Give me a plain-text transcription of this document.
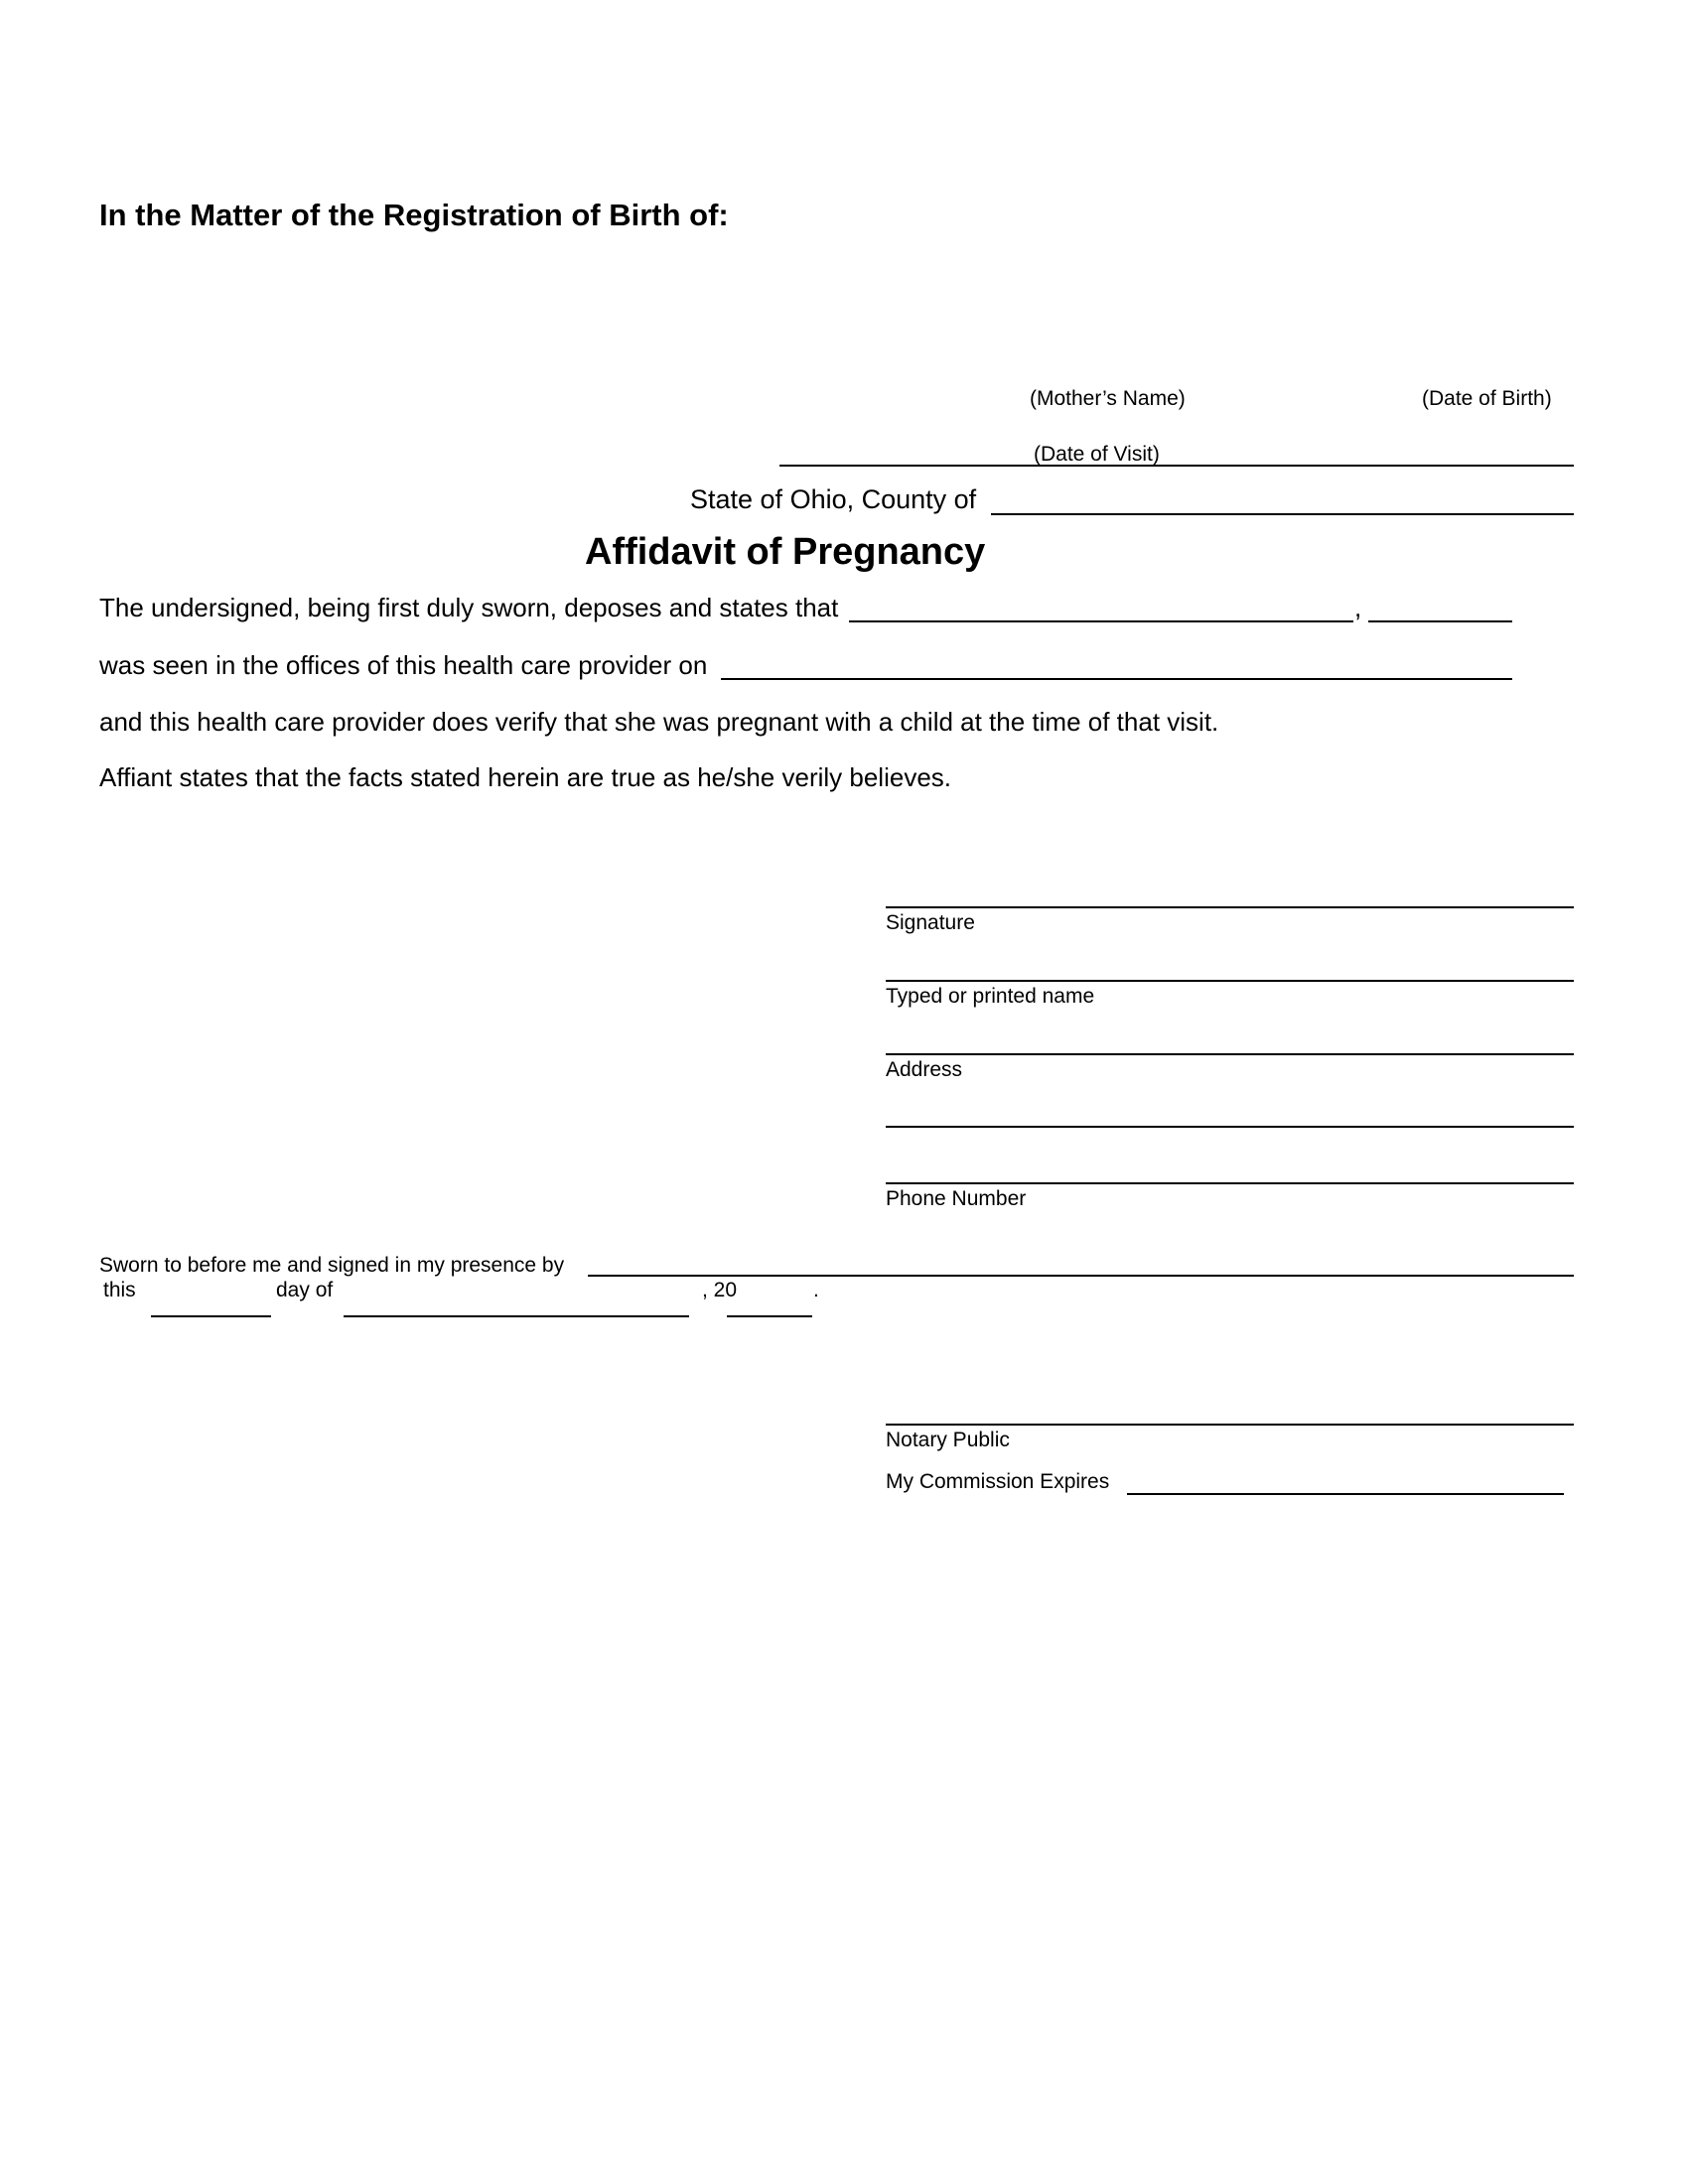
In the Matter of the Registration of Birth of:
(Mother’s Name)	(Date of Birth)
(Date of Visit)
State of Ohio, County of
Affidavit of Pregnancy
The undersigned, being first duly sworn, deposes and states that	,
was seen in the offices of this health care provider on
and this health care provider does verify that she was pregnant with a child at the time of that visit.
Affiant states that the facts stated herein are true as he/she verily believes.
Signature
Typed or printed name
Address
Phone Number
Sworn to before me and signed in my presence by
this	day of	, 20	.
Notary Public
My Commission Expires
